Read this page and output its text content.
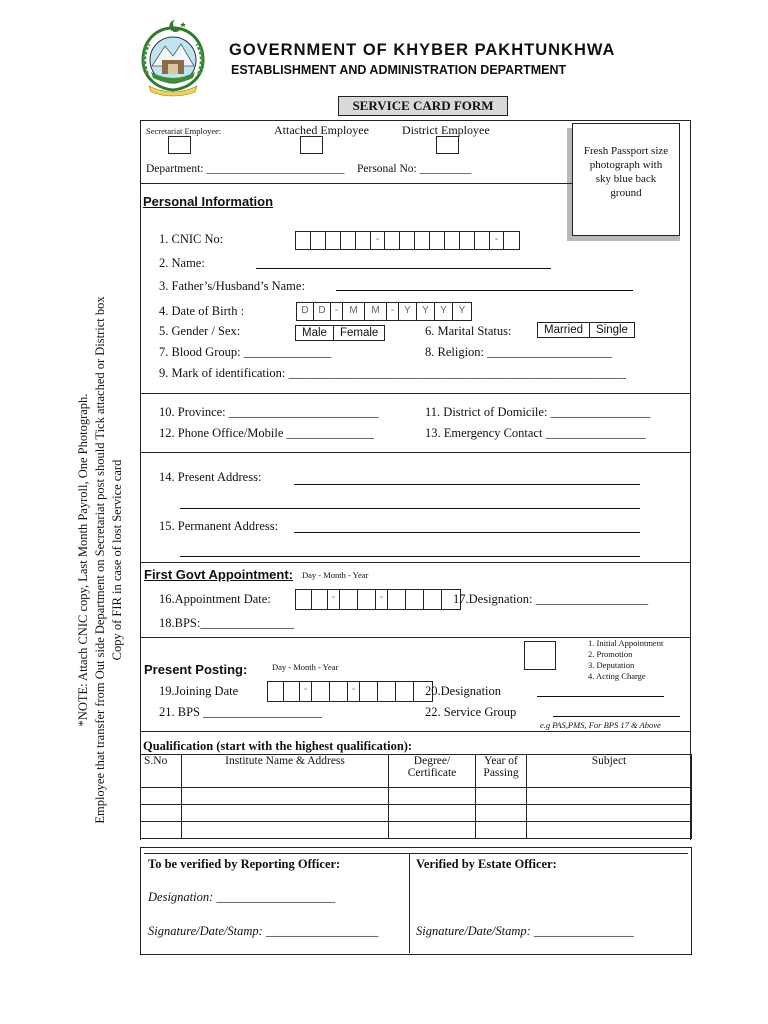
GOVERNMENT OF KHYBER PAKHTUNKHWA
ESTABLISHMENT AND ADMINISTRATION DEPARTMENT
SERVICE CARD FORM
*NOTE: Attach CNIC copy, Last Month Payroll, One Photograph. Employee that transfer from Out side Department on Secretariat post should Tick attached or District box Copy of FIR in case of lost Service card
Secretariat Employee:	Attached Employee	District Employee
Department: ________________________ Personal No: _________
Fresh Passport size photograph with sky blue back ground
Personal Information
1. CNIC No:	-	-
2. Name:
3. Father’s/Husband’s Name:
4. Date of Birth :	D D -	M	M	- Y	Y	Y	Y
5. Gender / Sex:	Male	Female	6. Marital Status:	Married	Single
7. Blood Group: ______________	8. Religion: ____________________
9. Mark of identification: ______________________________________________________
10. Province: ________________________	11. District of Domicile: ________________
12. Phone Office/Mobile ______________	13. Emergency Contact ________________
14. Present Address:
15. Permanent Address:
First Govt Appointment: Day - Month - Year
16.Appointment Date:	-	-	17.Designation: __________________
18.BPS:_______________
1. Initial Appointment
2. Promotion
3. Deputation
4. Acting Charge
Present Posting:	Day - Month - Year
19.Joining Date	-	-	20.Designation
21. BPS ___________________	22. Service Group
e.g PAS,PMS, For BPS 17 & Above
Qualification (start with the highest qualification):
S.No	Institute Name & Address	Degree/ Certificate	Year of Passing	Subject

To be verified by Reporting Officer:
Designation: ___________________
Signature/Date/Stamp: __________________
Verified by Estate Officer:
Signature/Date/Stamp: ________________
